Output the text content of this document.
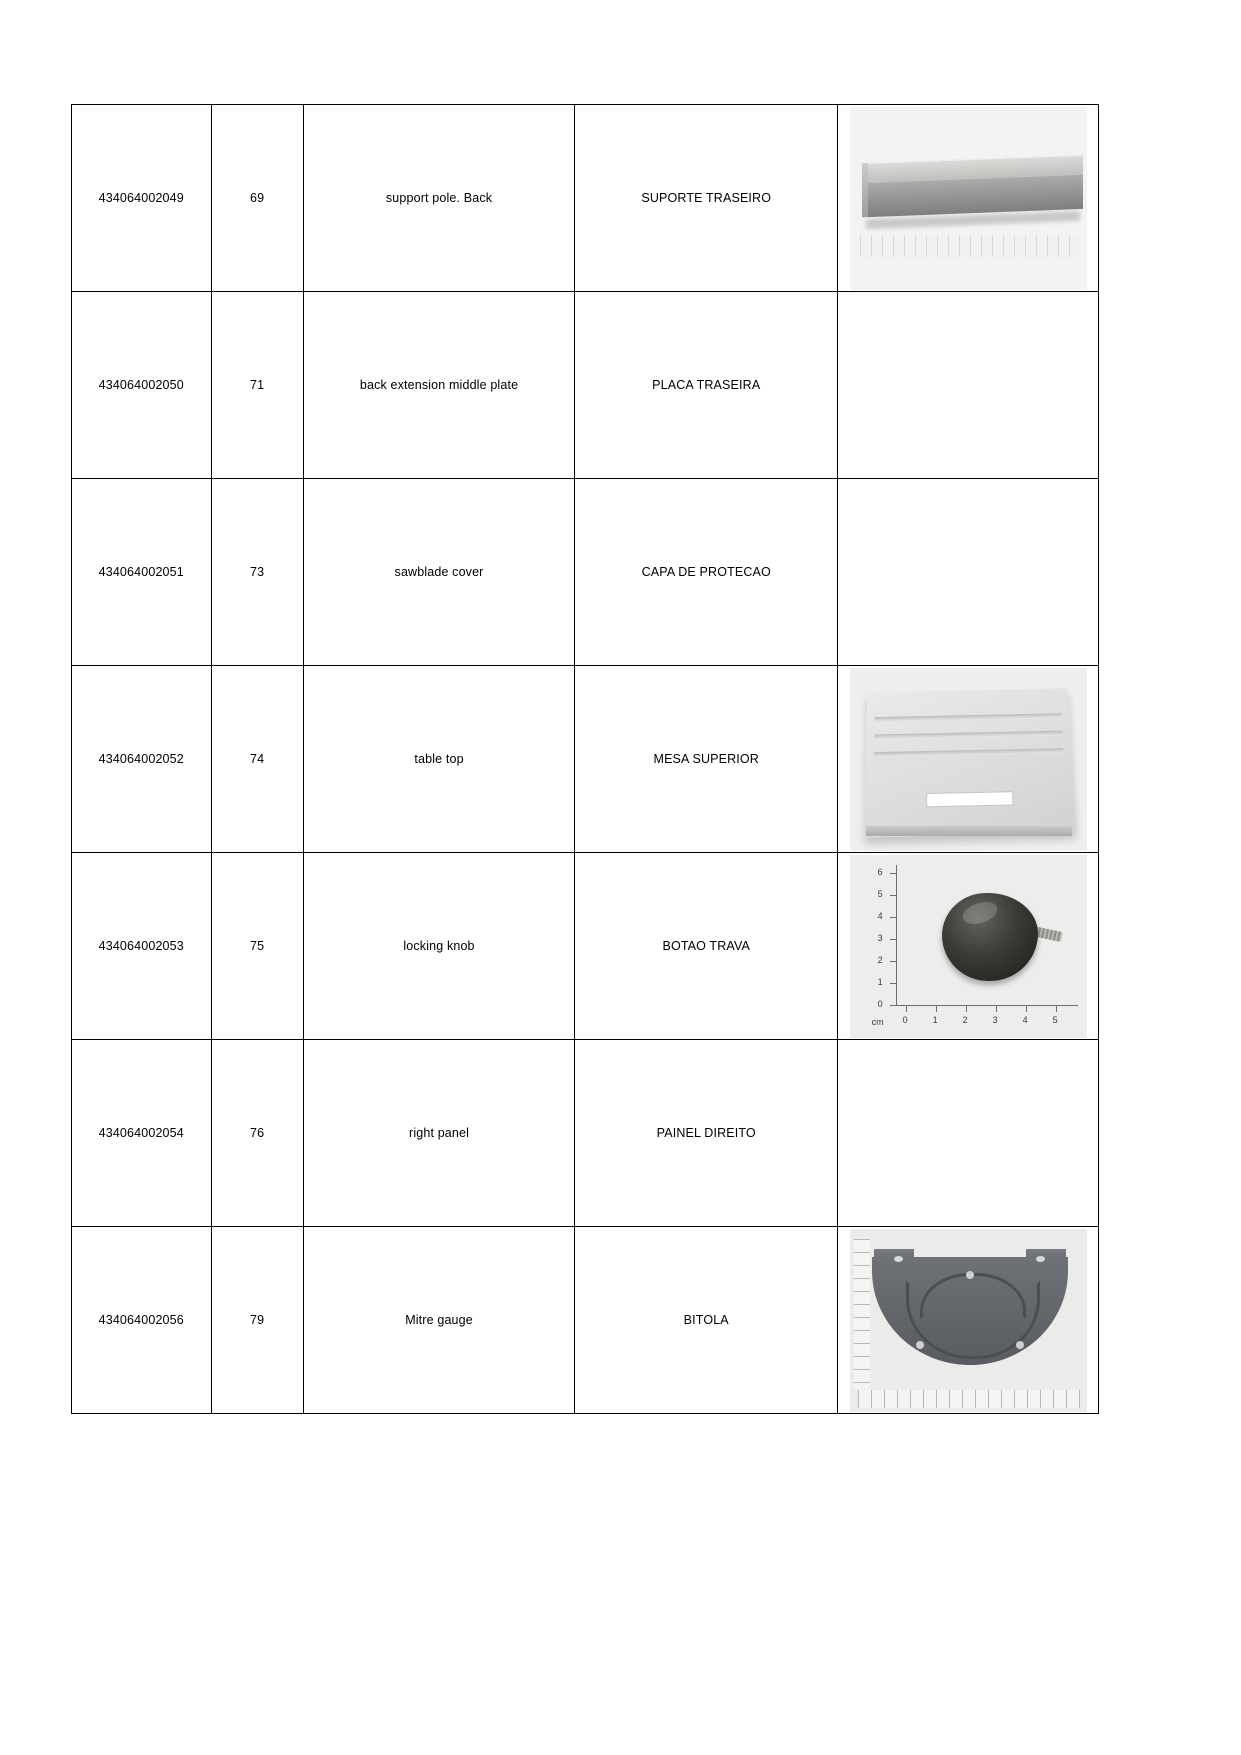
434064002049	69	support pole. Back	SUPORTE TRASEIRO	

434064002050	71	back extension middle plate	PLACA TRASEIRA	

434064002051	73	sawblade cover	CAPA DE PROTECAO	

434064002052	74	table top	MESA SUPERIOR	

434064002053	75	locking knob	BOTAO TRAVA

6
5
4
3
2
1
0
cm 0	1	2	3	4	5

434064002054	76	right panel	PAINEL DIREITO	

434064002056	79	Mitre gauge	BITOLA	
